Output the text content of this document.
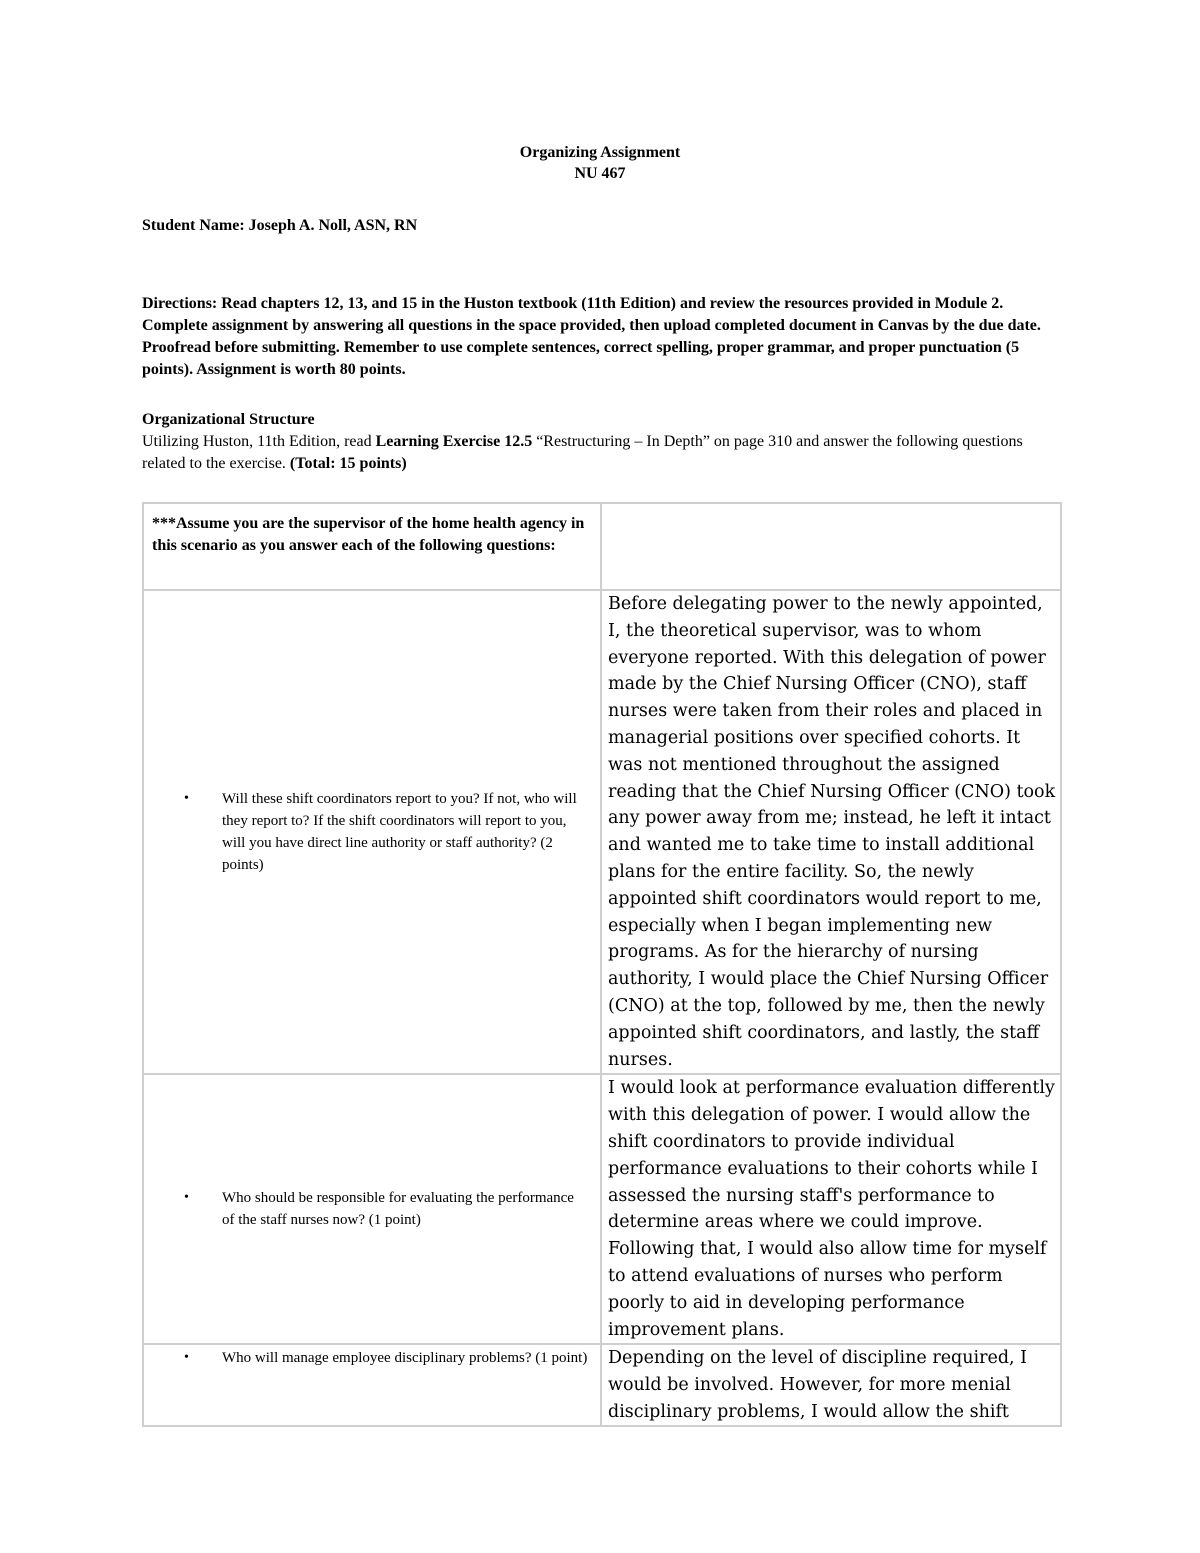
Organizing Assignment
NU 467
Student Name: Joseph A. Noll, ASN, RN
Directions: Read chapters 12, 13, and 15 in the Huston textbook (11th Edition) and review the resources provided in Module 2. Complete assignment by answering all questions in the space provided, then upload completed document in Canvas by the due date. Proofread before submitting. Remember to use complete sentences, correct spelling, proper grammar, and proper punctuation (5 points). Assignment is worth 80 points.
Organizational Structure

Utilizing Huston, 11th Edition, read Learning Exercise 12.5 “Restructuring – In Depth” on page 310 and answer the following questions related to the exercise. (Total: 15 points)

***Assume you are the supervisor of the home health agency in this scenario as you answer each of the following questions:	

• Will these shift coordinators report to you? If not, who will they report to? If the shift coordinators will report to you, will you have direct line authority or staff authority? (2 points)	Before delegating power to the newly appointed, I, the theoretical supervisor, was to whom everyone reported. With this delegation of power made by the Chief Nursing Officer (CNO), staff nurses were taken from their roles and placed in managerial positions over specified cohorts. It was not mentioned throughout the assigned reading that the Chief Nursing Officer (CNO) took any power away from me; instead, he left it intact and wanted me to take time to install additional plans for the entire facility. So, the newly appointed shift coordinators would report to me, especially when I began implementing new programs. As for the hierarchy of nursing authority, I would place the Chief Nursing Officer (CNO) at the top, followed by me, then the newly appointed shift coordinators, and lastly, the staff nurses.

• Who should be responsible for evaluating the performance of the staff nurses now? (1 point)	I would look at performance evaluation differently with this delegation of power. I would allow the shift coordinators to provide individual performance evaluations to their cohorts while I assessed the nursing staff's performance to determine areas where we could improve. Following that, I would also allow time for myself to attend evaluations of nurses who perform poorly to aid in developing performance improvement plans.

• Who will manage employee disciplinary problems? (1 point)	Depending on the level of discipline required, I would be involved. However, for more menial disciplinary problems, I would allow the shift
